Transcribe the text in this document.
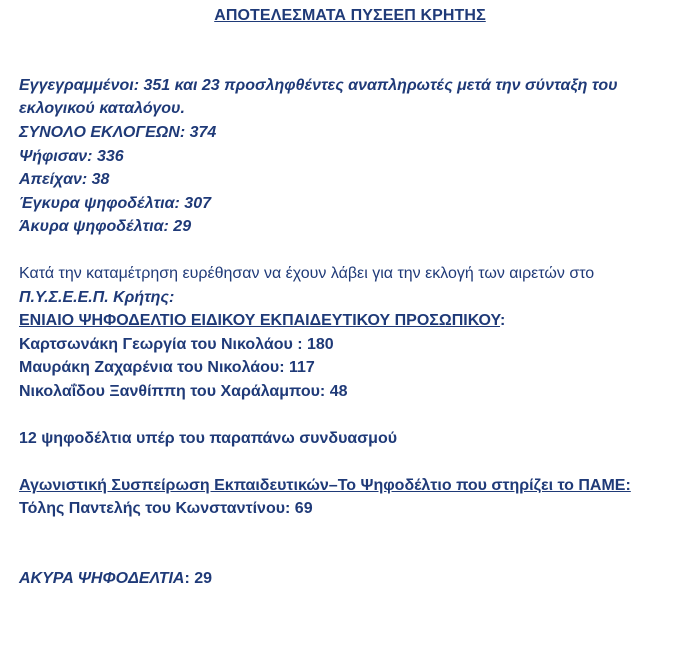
ΑΠΟΤΕΛΕΣΜΑΤΑ ΠΥΣΕΕΠ ΚΡΗΤΗΣ
Εγγεγραμμένοι: 351 και 23 προσληφθέντες αναπληρωτές μετά την σύνταξη του
εκλογικού καταλόγου.
ΣΥΝΟΛΟ ΕΚΛΟΓΕΩΝ: 374
Ψήφισαν: 336
Απείχαν: 38
Έγκυρα ψηφοδέλτια: 307
Άκυρα ψηφοδέλτια: 29
Κατά την καταμέτρηση ευρέθησαν να έχουν λάβει για την εκλογή των αιρετών στο
Π.Υ.Σ.Ε.Ε.Π. Κρήτης:
ΕΝΙΑΙΟ ΨΗΦΟΔΕΛΤΙΟ ΕΙΔΙΚΟΥ ΕΚΠΑΙΔΕΥΤΙΚΟΥ ΠΡΟΣΩΠΙΚΟΥ:
Καρτσωνάκη Γεωργία του Νικολάου : 180
Μαυράκη Ζαχαρένια του Νικολάου: 117
Νικολαΐδου Ξανθίππη του Χαράλαμπου: 48
12 ψηφοδέλτια υπέρ του παραπάνω συνδυασμού
Αγωνιστική Συσπείρωση Εκπαιδευτικών–Το Ψηφοδέλτιο που στηρίζει το ΠΑΜΕ:
Τόλης Παντελής του Κωνσταντίνου: 69
ΑΚΥΡΑ ΨΗΦΟΔΕΛΤΙΑ: 29
